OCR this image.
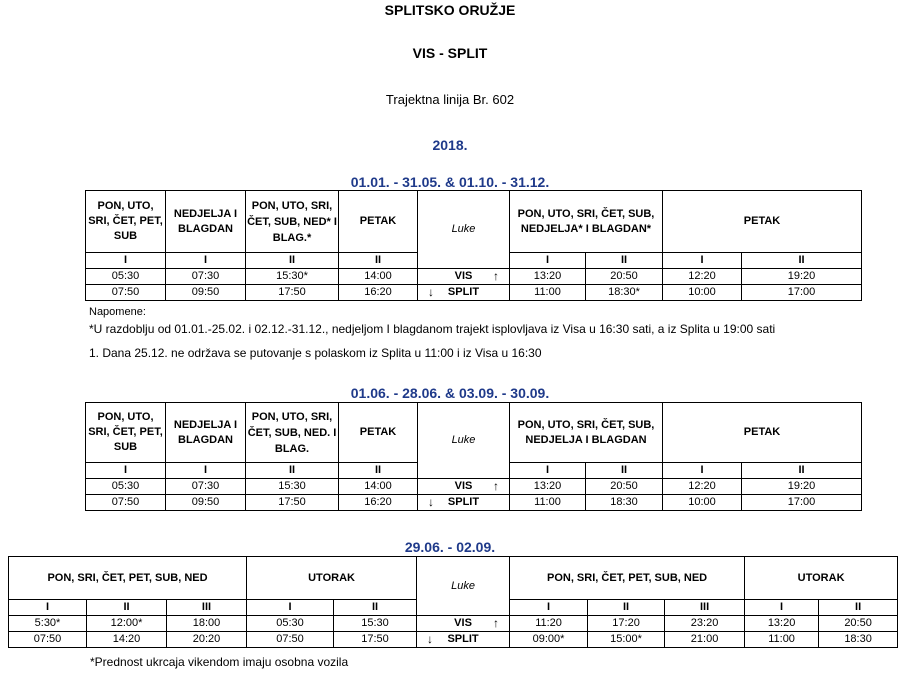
SPLITSKO ORUŽJE
VIS - SPLIT
Trajektna linija Br. 602
2018.
01.01. - 31.05. & 01.10. - 31.12.
PON, UTO, SRI, ČET, PET, SUB	NEDJELJA I BLAGDAN	PON, UTO, SRI, ČET, SUB, NED* I BLAG.*	PETAK	Luke	PON, UTO, SRI, ČET, SUB, NEDJELJA* I BLAGDAN*		PETAK	
I	I	II	II		I	II	I	II
05:30	07:30	15:30*	14:00	VIS ↑	13:20	20:50	12:20	19:20
07:50	09:50	17:50	16:20	↓ SPLIT	11:00	18:30*	10:00	17:00
Napomene:
*U razdoblju od 01.01.-25.02. i 02.12.-31.12., nedjeljom I blagdanom trajekt isplovljava iz Visa u 16:30 sati, a iz Splita u 19:00 sati
1. Dana 25.12. ne održava se putovanje s polaskom iz Splita u 11:00 i iz Visa u 16:30
01.06. - 28.06. & 03.09. - 30.09.
PON, UTO, SRI, ČET, PET, SUB	NEDJELJA I BLAGDAN	PON, UTO, SRI, ČET, SUB, NED. I BLAG.	PETAK	Luke	PON, UTO, SRI, ČET, SUB, NEDJELJA I BLAGDAN		PETAK	
I	I	II	II		I	II	I	II
05:30	07:30	15:30	14:00	VIS ↑	13:20	20:50	12:20	19:20
07:50	09:50	17:50	16:20	↓ SPLIT	11:00	18:30	10:00	17:00
29.06. - 02.09.
PON, SRI, ČET, PET, SUB, NED			UTORAK		Luke	PON, SRI, ČET, PET, SUB, NED			UTORAK	
I	II	III	I	II		I	II	III	I	II
5:30*	12:00*	18:00	05:30	15:30	VIS ↑	11:20	17:20	23:20	13:20	20:50
07:50	14:20	20:20	07:50	17:50	↓ SPLIT	09:00*	15:00*	21:00	11:00	18:30
*Prednost ukrcaja vikendom imaju osobna vozila
